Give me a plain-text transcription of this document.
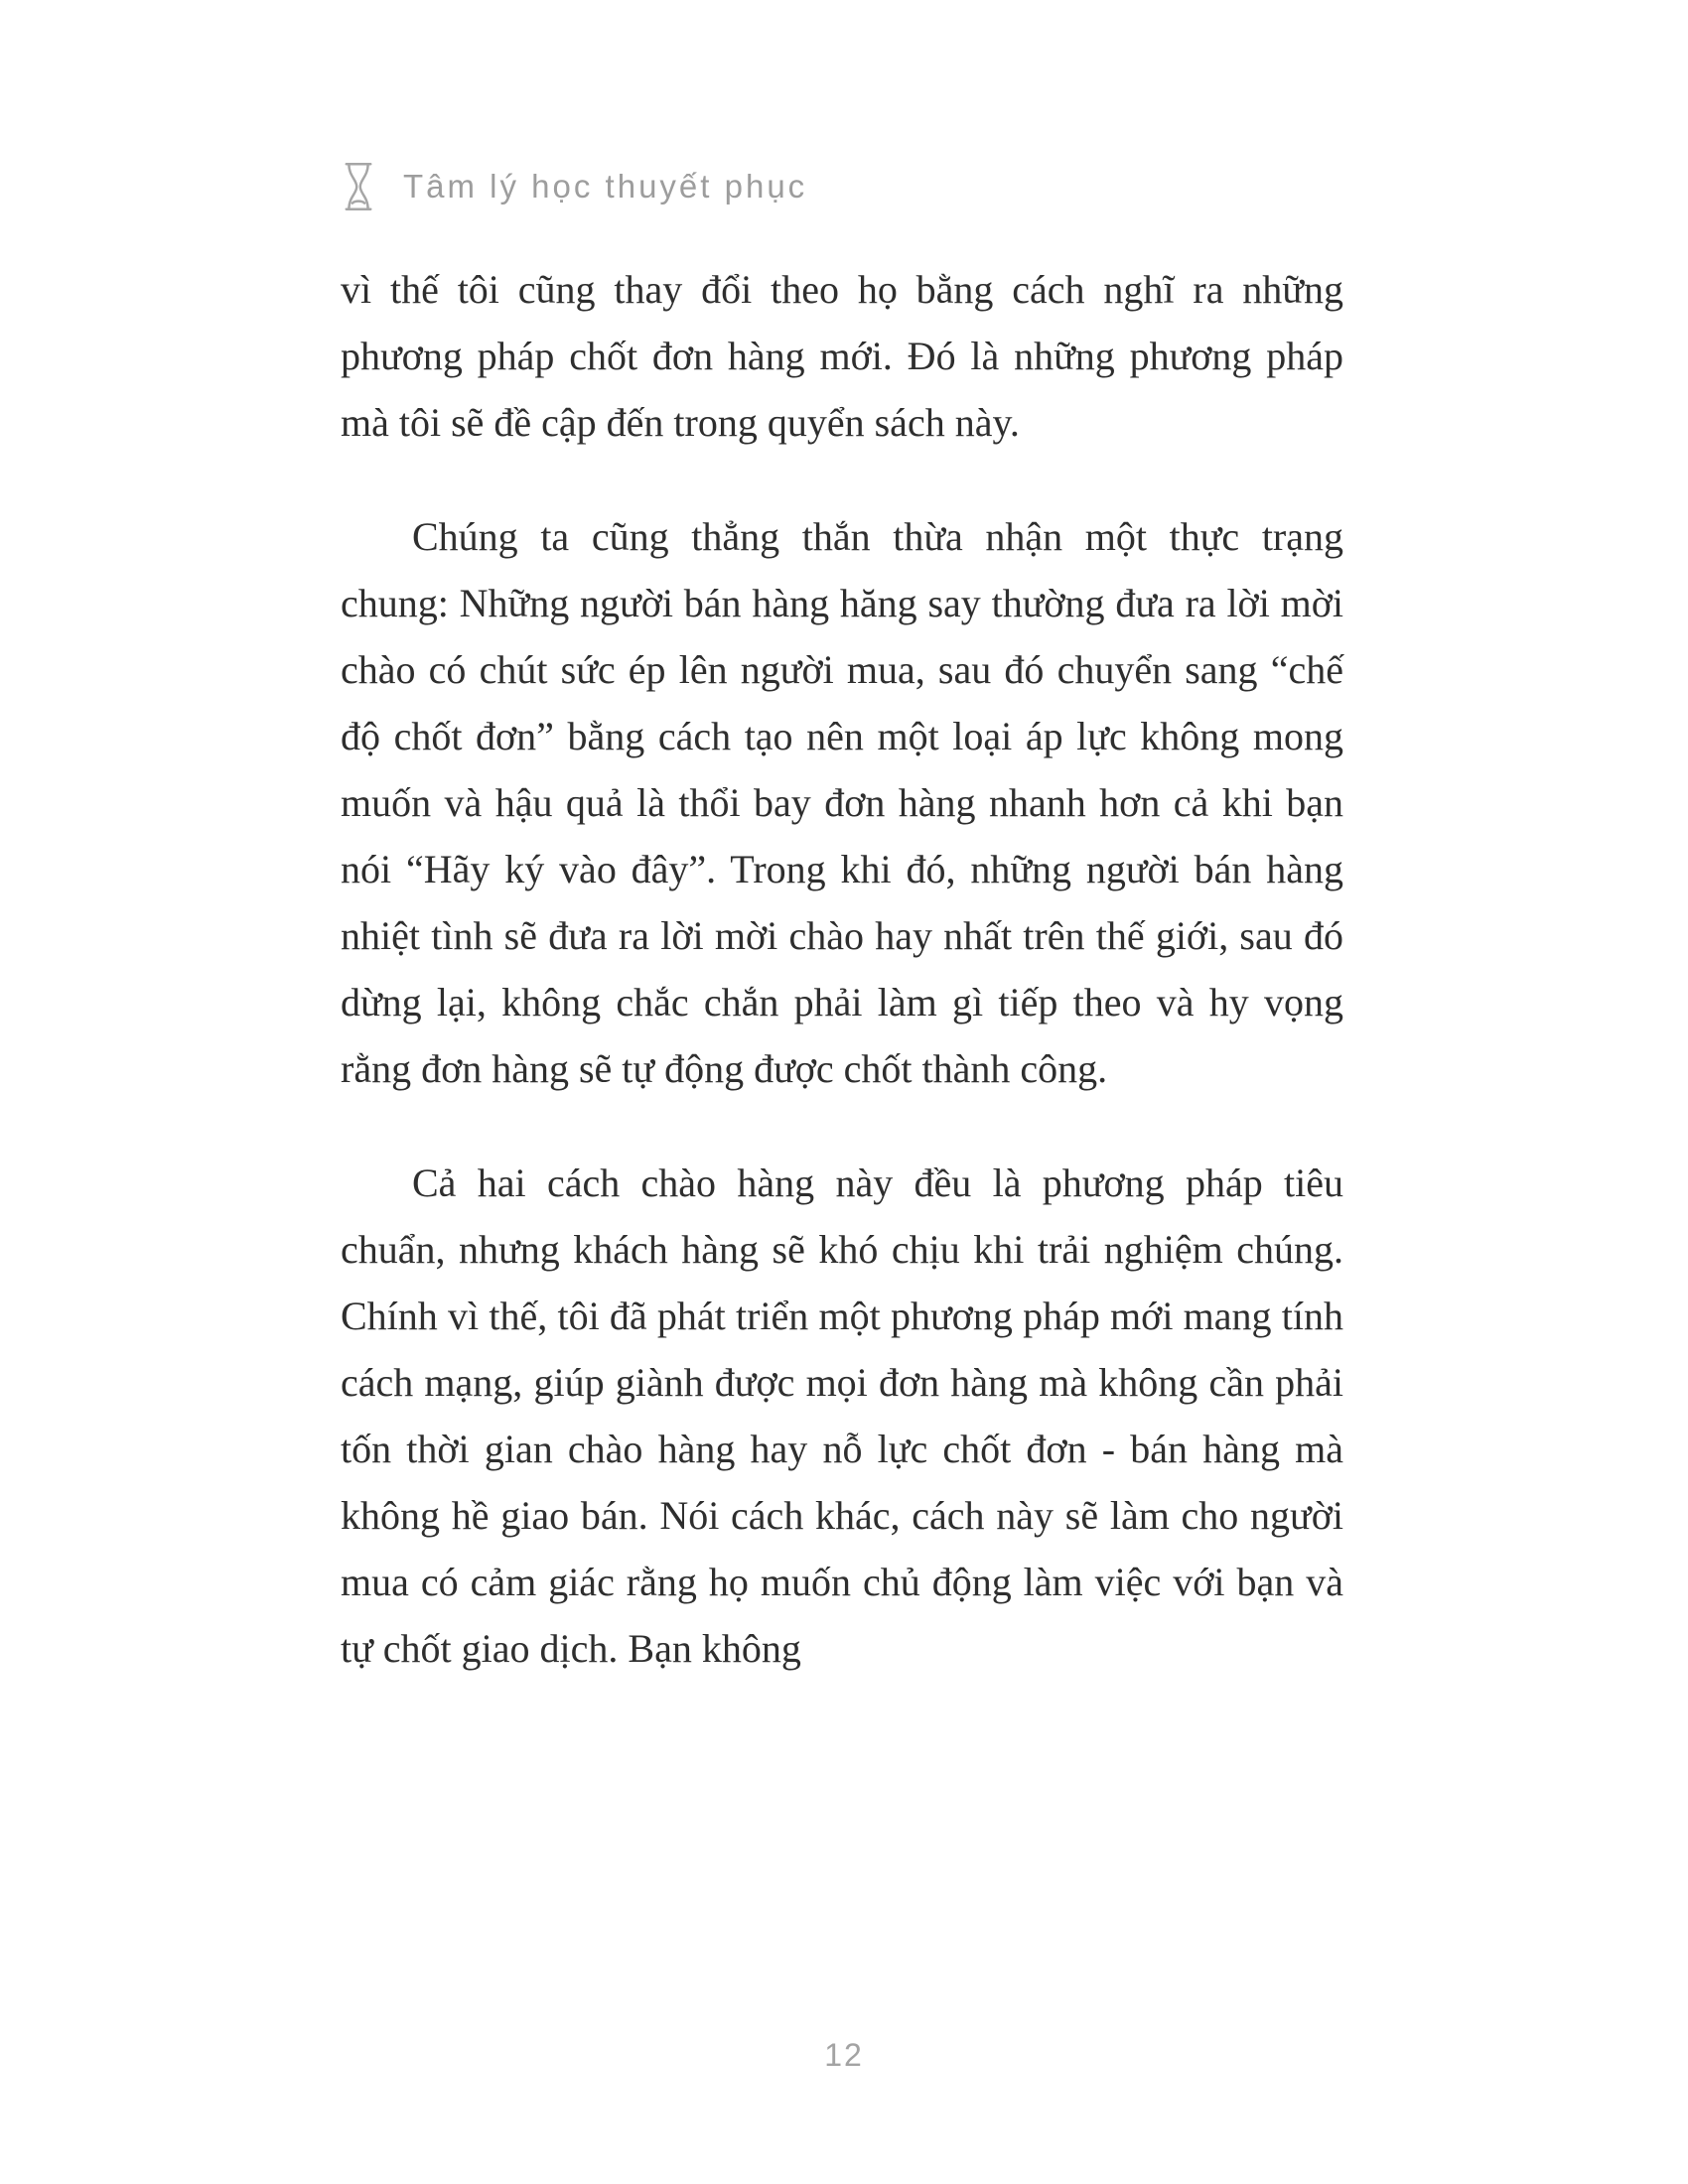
Tâm lý học thuyết phục

vì thế tôi cũng thay đổi theo họ bằng cách nghĩ ra những phương pháp chốt đơn hàng mới. Đó là những phương pháp mà tôi sẽ đề cập đến trong quyển sách này.

Chúng ta cũng thẳng thắn thừa nhận một thực trạng chung: Những người bán hàng hăng say thường đưa ra lời mời chào có chút sức ép lên người mua, sau đó chuyển sang “chế độ chốt đơn” bằng cách tạo nên một loại áp lực không mong muốn và hậu quả là thổi bay đơn hàng nhanh hơn cả khi bạn nói “Hãy ký vào đây”. Trong khi đó, những người bán hàng nhiệt tình sẽ đưa ra lời mời chào hay nhất trên thế giới, sau đó dừng lại, không chắc chắn phải làm gì tiếp theo và hy vọng rằng đơn hàng sẽ tự động được chốt thành công.

Cả hai cách chào hàng này đều là phương pháp tiêu chuẩn, nhưng khách hàng sẽ khó chịu khi trải nghiệm chúng. Chính vì thế, tôi đã phát triển một phương pháp mới mang tính cách mạng, giúp giành được mọi đơn hàng mà không cần phải tốn thời gian chào hàng hay nỗ lực chốt đơn - bán hàng mà không hề giao bán. Nói cách khác, cách này sẽ làm cho người mua có cảm giác rằng họ muốn chủ động làm việc với bạn và tự chốt giao dịch. Bạn không

12
